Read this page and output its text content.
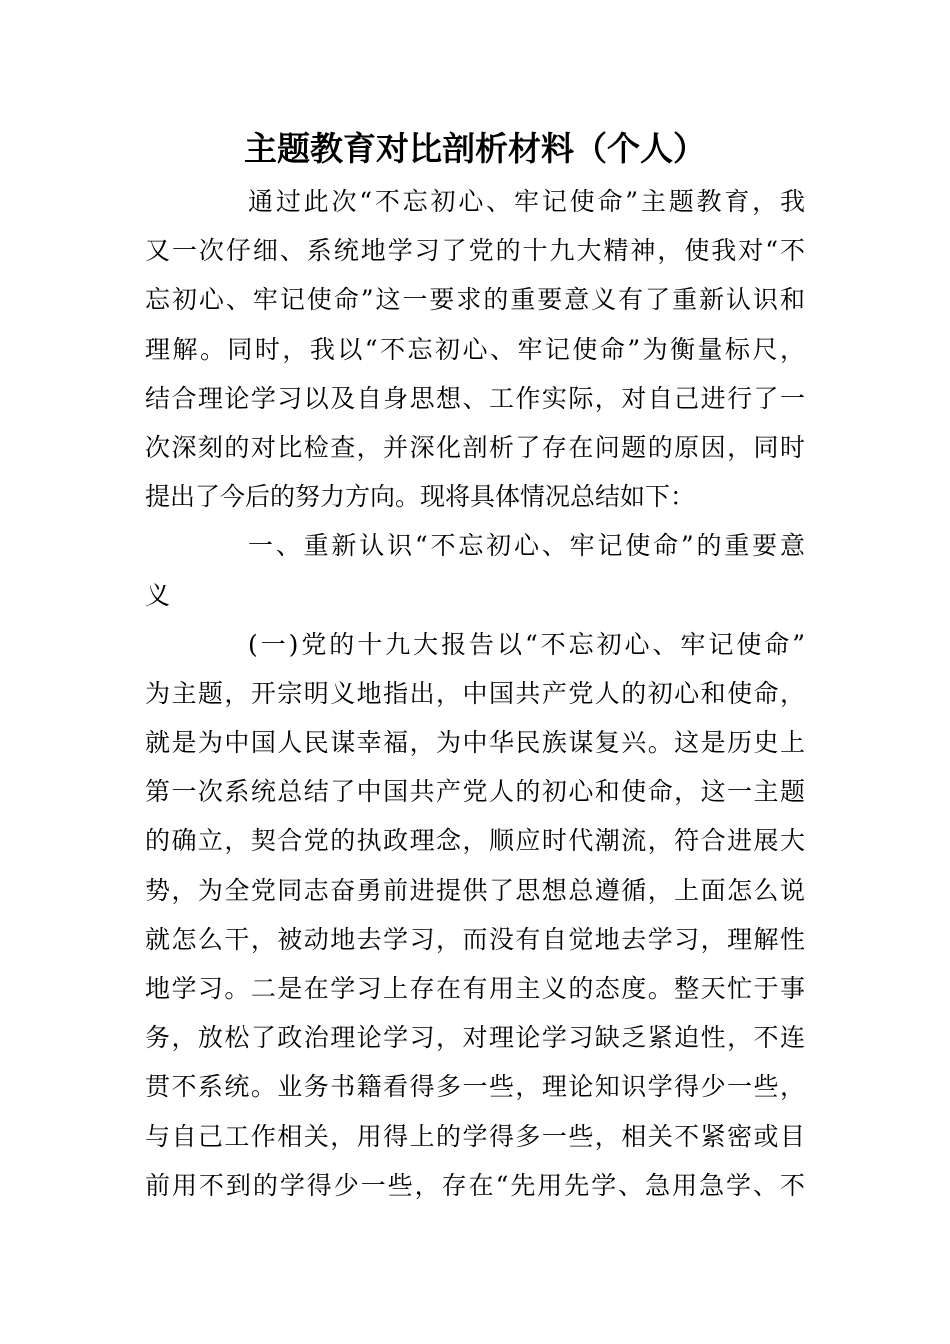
主题教育对比剖析材料（个人）
通过此次“不忘初心、牢记使命”主题教育，我
又一次仔细、系统地学习了党的十九大精神，使我对“不
忘初心、牢记使命”这一要求的重要意义有了重新认识和
理解。同时，我以“不忘初心、牢记使命”为衡量标尺，
结合理论学习以及自身思想、工作实际，对自己进行了一
次深刻的对比检查，并深化剖析了存在问题的原因，同时
提出了今后的努力方向。现将具体情况总结如下：
一、重新认识“不忘初心、牢记使命”的重要意
义
(一)党的十九大报告以“不忘初心、牢记使命”
为主题，开宗明义地指出，中国共产党人的初心和使命，
就是为中国人民谋幸福，为中华民族谋复兴。这是历史上
第一次系统总结了中国共产党人的初心和使命，这一主题
的确立，契合党的执政理念，顺应时代潮流，符合进展大
势，为全党同志奋勇前进提供了思想总遵循，上面怎么说
就怎么干，被动地去学习，而没有自觉地去学习，理解性
地学习。二是在学习上存在有用主义的态度。整天忙于事
务，放松了政治理论学习，对理论学习缺乏紧迫性，不连
贯不系统。业务书籍看得多一些，理论知识学得少一些，
与自己工作相关，用得上的学得多一些，相关不紧密或目
前用不到的学得少一些，存在“先用先学、急用急学、不
